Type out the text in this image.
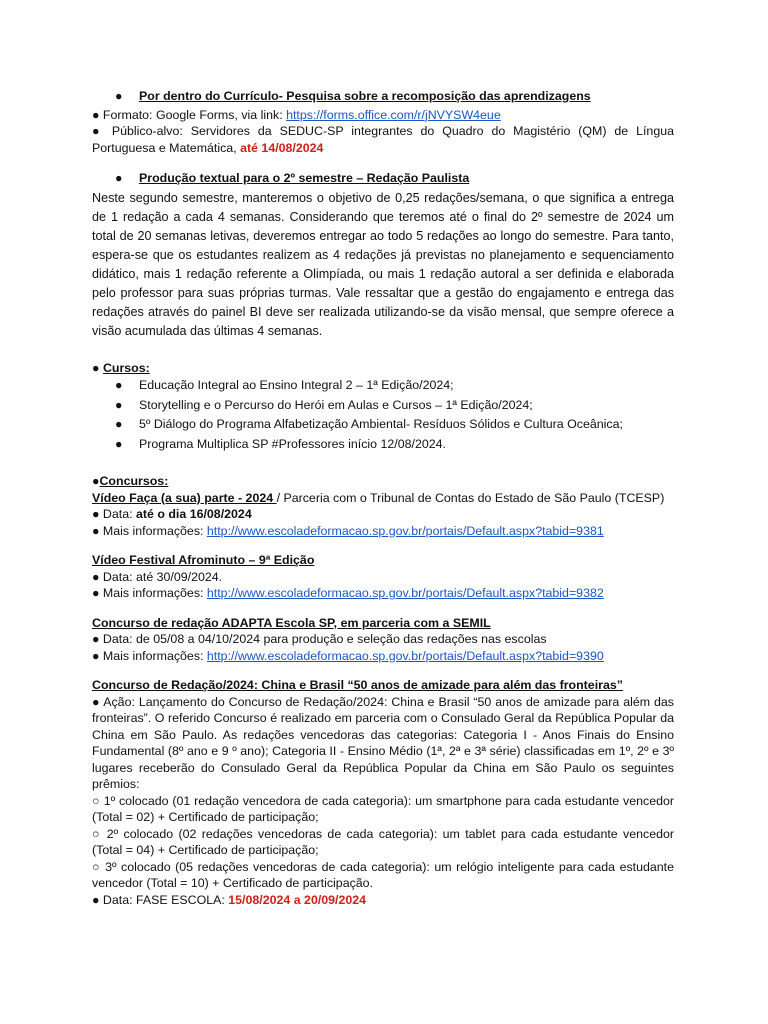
● Por dentro do Currículo- Pesquisa sobre a recomposição das aprendizagens
● Formato: Google Forms, via link: https://forms.office.com/r/jNVYSW4eue
● Público-alvo: Servidores da SEDUC-SP integrantes do Quadro do Magistério (QM) de Língua Portuguesa e Matemática, até 14/08/2024
● Produção textual para o 2º semestre – Redação Paulista
Neste segundo semestre, manteremos o objetivo de 0,25 redações/semana, o que significa a entrega de 1 redação a cada 4 semanas. Considerando que teremos até o final do 2º semestre de 2024 um total de 20 semanas letivas, deveremos entregar ao todo 5 redações ao longo do semestre. Para tanto, espera-se que os estudantes realizem as 4 redações já previstas no planejamento e sequenciamento didático, mais 1 redação referente a Olimpíada, ou mais 1 redação autoral a ser definida e elaborada pelo professor para suas próprias turmas. Vale ressaltar que a gestão do engajamento e entrega das redações através do painel BI deve ser realizada utilizando-se da visão mensal, que sempre oferece a visão acumulada das últimas 4 semanas.
● Cursos:
● Educação Integral ao Ensino Integral 2 – 1ª Edição/2024;
● Storytelling e o Percurso do Herói em Aulas e Cursos – 1ª Edição/2024;
● 5º Diálogo do Programa Alfabetização Ambiental- Resíduos Sólidos e Cultura Oceânica;
● Programa Multiplica SP #Professores início 12/08/2024.
●Concursos:
Vídeo Faça (a sua) parte - 2024 / Parceria com o Tribunal de Contas do Estado de São Paulo (TCESP)
● Data: até o dia 16/08/2024
● Mais informações: http://www.escoladeformacao.sp.gov.br/portais/Default.aspx?tabid=9381
Vídeo Festival Afrominuto – 9ª Edição
● Data: até 30/09/2024.
● Mais informações: http://www.escoladeformacao.sp.gov.br/portais/Default.aspx?tabid=9382
Concurso de redação ADAPTA Escola SP, em parceria com a SEMIL
● Data: de 05/08 a 04/10/2024 para produção e seleção das redações nas escolas
● Mais informações: http://www.escoladeformacao.sp.gov.br/portais/Default.aspx?tabid=9390
Concurso de Redação/2024: China e Brasil “50 anos de amizade para além das fronteiras”
● Ação: Lançamento do Concurso de Redação/2024: China e Brasil “50 anos de amizade para além das fronteiras”. O referido Concurso é realizado em parceria com o Consulado Geral da República Popular da China em São Paulo. As redações vencedoras das categorias: Categoria I - Anos Finais do Ensino Fundamental (8º ano e 9 º ano); Categoria II - Ensino Médio (1ª, 2ª e 3ª série) classificadas em 1º, 2º e 3º lugares receberão do Consulado Geral da República Popular da China em São Paulo os seguintes prêmios:
○ 1º colocado (01 redação vencedora de cada categoria): um smartphone para cada estudante vencedor (Total = 02) + Certificado de participação;
○ 2º colocado (02 redações vencedoras de cada categoria): um tablet para cada estudante vencedor (Total = 04) + Certificado de participação;
○ 3º colocado (05 redações vencedoras de cada categoria): um relógio inteligente para cada estudante vencedor (Total = 10) + Certificado de participação.
● Data: FASE ESCOLA: 15/08/2024 a 20/09/2024
